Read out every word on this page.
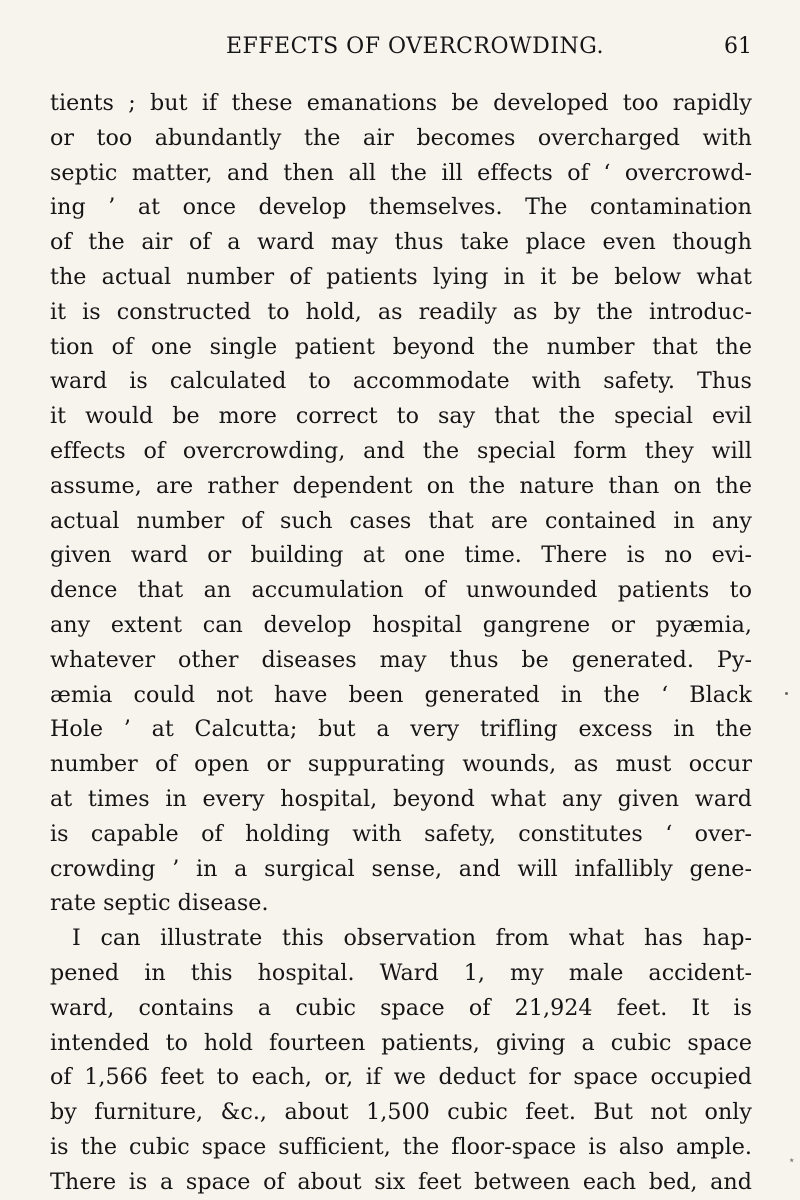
EFFECTS OF OVERCROWDING.	61
tients ; but if these emanations be developed too rapidly
or too abundantly the air becomes overcharged with
septic matter, and then all the ill effects of ‘ overcrowd-
ing ’ at once develop themselves. The contamination
of the air of a ward may thus take place even though
the actual number of patients lying in it be below what
it is constructed to hold, as readily as by the introduc-
tion of one single patient beyond the number that the
ward is calculated to accommodate with safety. Thus
it would be more correct to say that the special evil
effects of overcrowding, and the special form they will
assume, are rather dependent on the nature than on the
actual number of such cases that are contained in any
given ward or building at one time. There is no evi-
dence that an accumulation of unwounded patients to
any extent can develop hospital gangrene or pyæmia,
whatever other diseases may thus be generated. Py-
æmia could not have been generated in the ‘ Black
Hole ’ at Calcutta; but a very trifling excess in the
number of open or suppurating wounds, as must occur
at times in every hospital, beyond what any given ward
is capable of holding with safety, constitutes ‘ over-
crowding ’ in a surgical sense, and will infallibly gene-
rate septic disease.
I can illustrate this observation from what has hap-
pened in this hospital. Ward 1, my male accident-
ward, contains a cubic space of 21,924 feet. It is
intended to hold fourteen patients, giving a cubic space
of 1,566 feet to each, or, if we deduct for space occupied
by furniture, &c., about 1,500 cubic feet. But not only
is the cubic space sufficient, the floor-space is also ample.
There is a space of about six feet between each bed, and
٭
